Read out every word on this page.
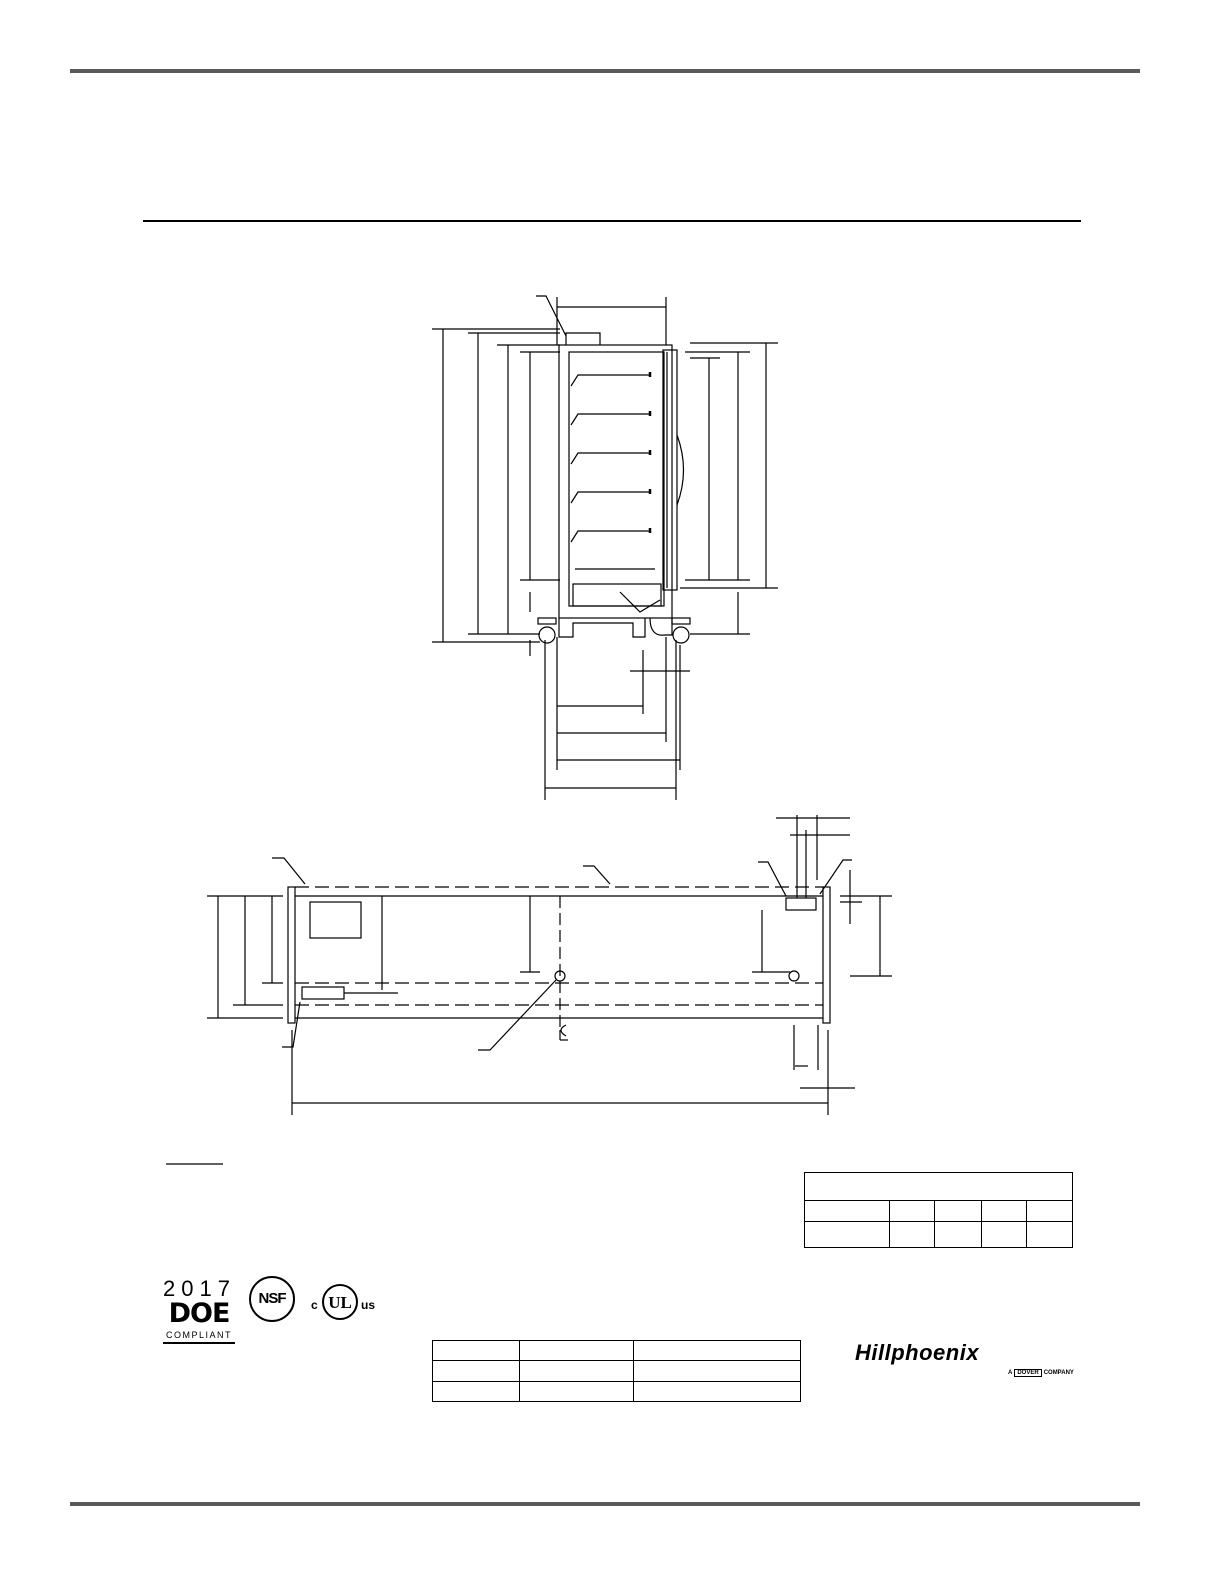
2017
DOE
COMPLIANT
NSF	c UL us
Hillphoenix
A DOVER COMPANY
